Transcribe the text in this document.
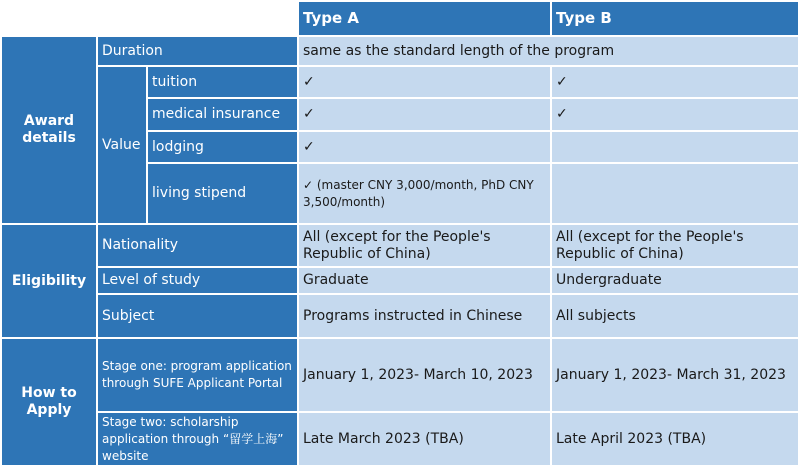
			Type A	Type B
Award details	Duration		same as the standard length of the program	
	Value	tuition	✓	✓
		medical insurance	✓	✓
		lodging	✓	
		living stipend	✓ (master CNY 3,000/month, PhD CNY 3,500/month)	

Eligibility	Nationality		All (except for the People's Republic of China)	All (except for the People's Republic of China)
	Level of study		Graduate	Undergraduate
	Subject		Programs instructed in Chinese	All subjects
How to Apply	Stage one: program application through SUFE Applicant Portal		January 1, 2023- March 10, 2023	January 1, 2023- March 31, 2023
	Stage two: scholarship application through “留学上海” website		Late March 2023 (TBA)	Late April 2023 (TBA)
